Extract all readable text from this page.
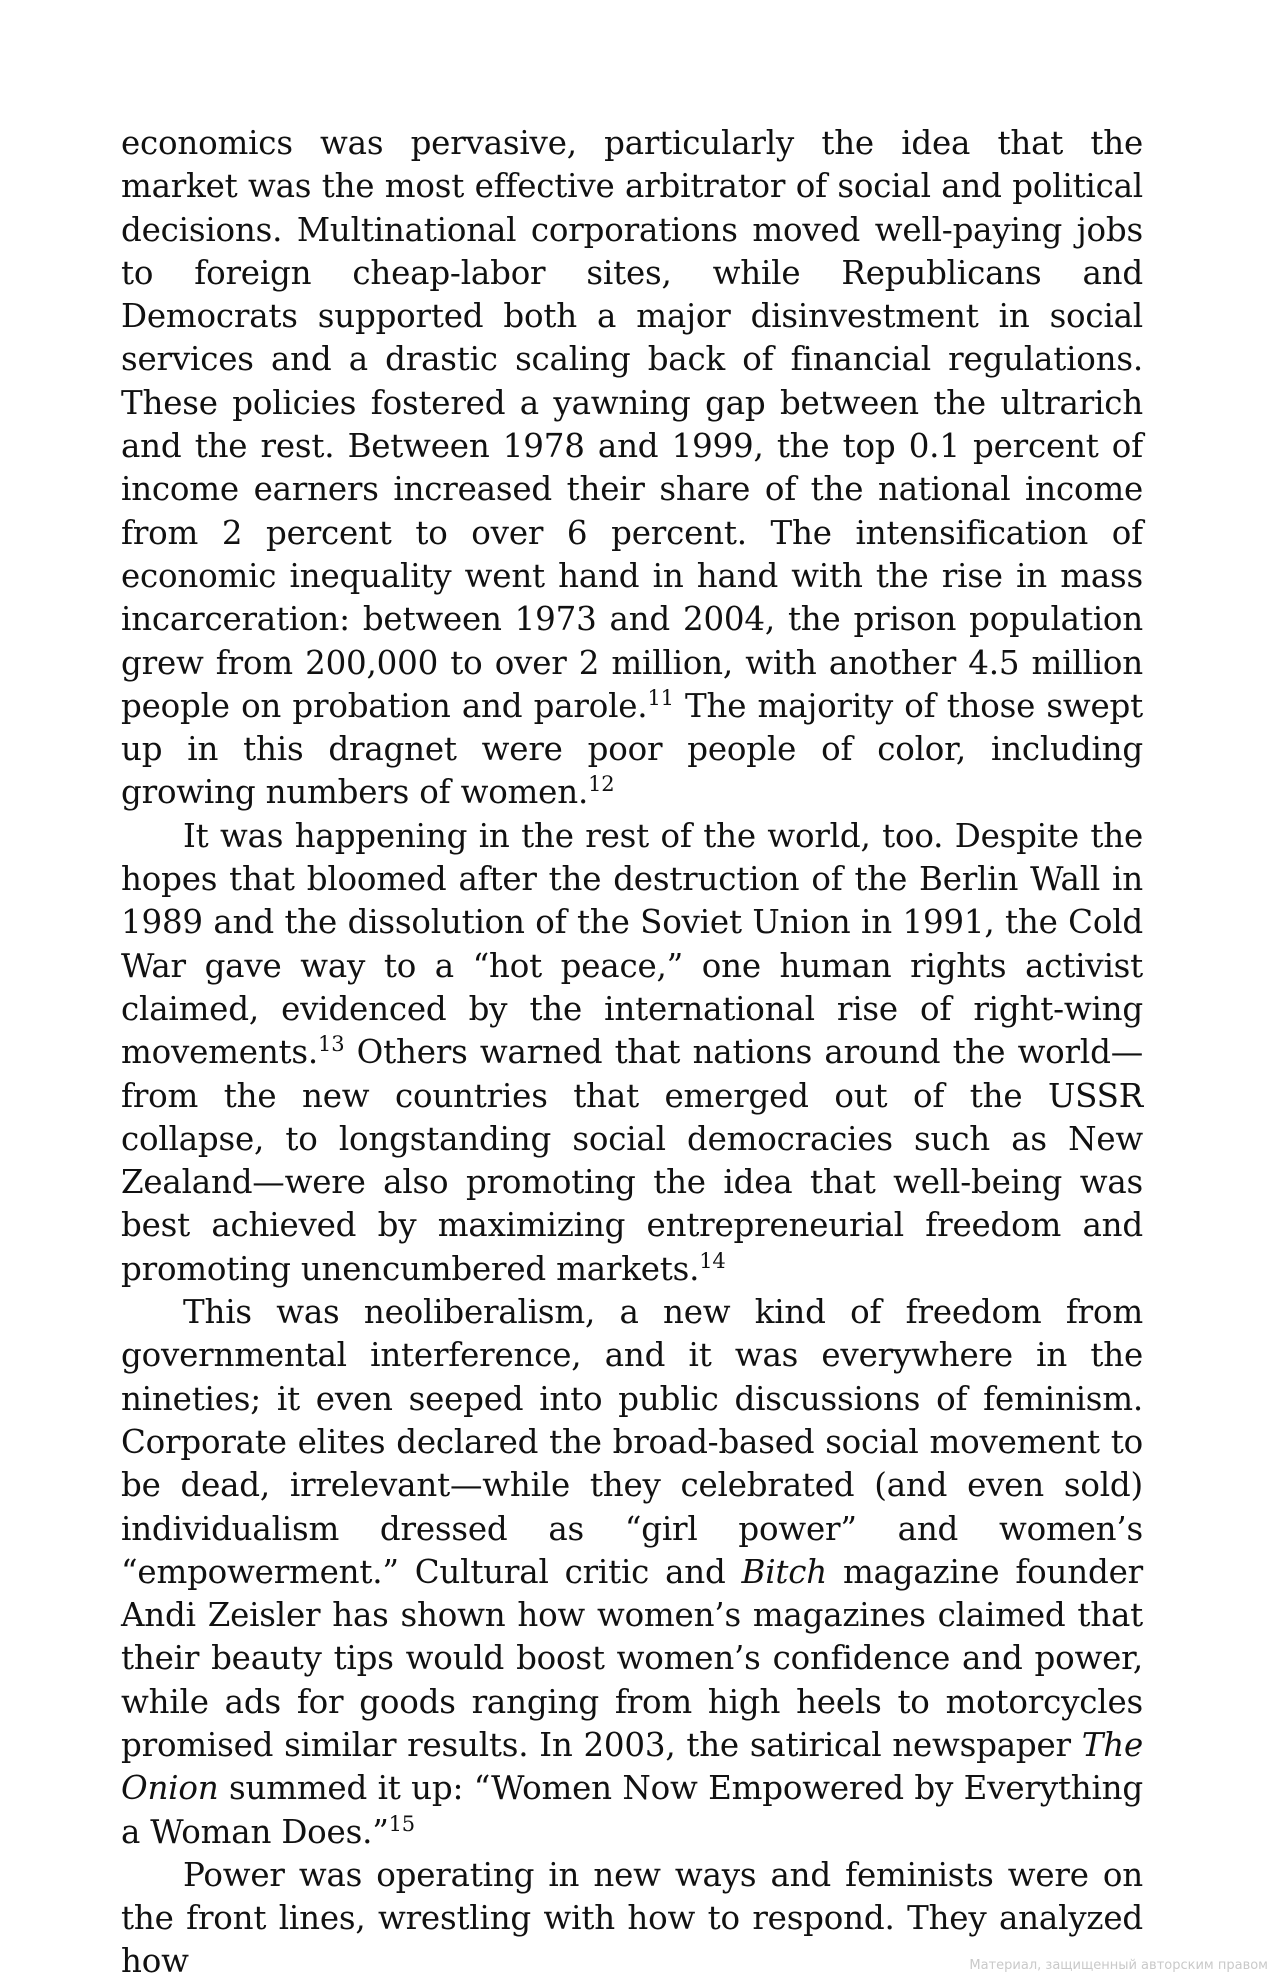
economics was pervasive, particularly the idea that the market was the most effective arbitrator of social and political decisions. Multinational corporations moved well-paying jobs to foreign cheap-labor sites, while Republicans and Democrats supported both a major disinvestment in social services and a drastic scaling back of financial regulations. These policies fostered a yawning gap between the ultrarich and the rest. Between 1978 and 1999, the top 0.1 percent of income earners increased their share of the national income from 2 percent to over 6 percent. The intensification of economic inequality went hand in hand with the rise in mass incarceration: between 1973 and 2004, the prison population grew from 200,000 to over 2 million, with another 4.5 million people on probation and parole.$^{11}$ The majority of those swept up in this dragnet were poor people of color, including growing numbers of women.$^{12}$

It was happening in the rest of the world, too. Despite the hopes that bloomed after the destruction of the Berlin Wall in 1989 and the dissolution of the Soviet Union in 1991, the Cold War gave way to a “hot peace,” one human rights activist claimed, evidenced by the international rise of right-wing movements.$^{13}$ Others warned that nations around the world—from the new countries that emerged out of the USSR collapse, to longstanding social democracies such as New Zealand—were also promoting the idea that well-being was best achieved by maximizing entrepreneurial freedom and promoting unencumbered markets.$^{14}$

This was neoliberalism, a new kind of freedom from governmental interference, and it was everywhere in the nineties; it even seeped into public discussions of feminism. Corporate elites declared the broad-based social movement to be dead, irrelevant—while they celebrated (and even sold) individualism dressed as “girl power” and women’s “empowerment.” Cultural critic and Bitch magazine founder Andi Zeisler has shown how women’s magazines claimed that their beauty tips would boost women’s confidence and power, while ads for goods ranging from high heels to motorcycles promised similar results. In 2003, the satirical newspaper The Onion summed it up: “Women Now Empowered by Everything a Woman Does.”$^{15}$

Power was operating in new ways and feminists were on the front lines, wrestling with how to respond. They analyzed how	Материал, защищенный авторским правом
